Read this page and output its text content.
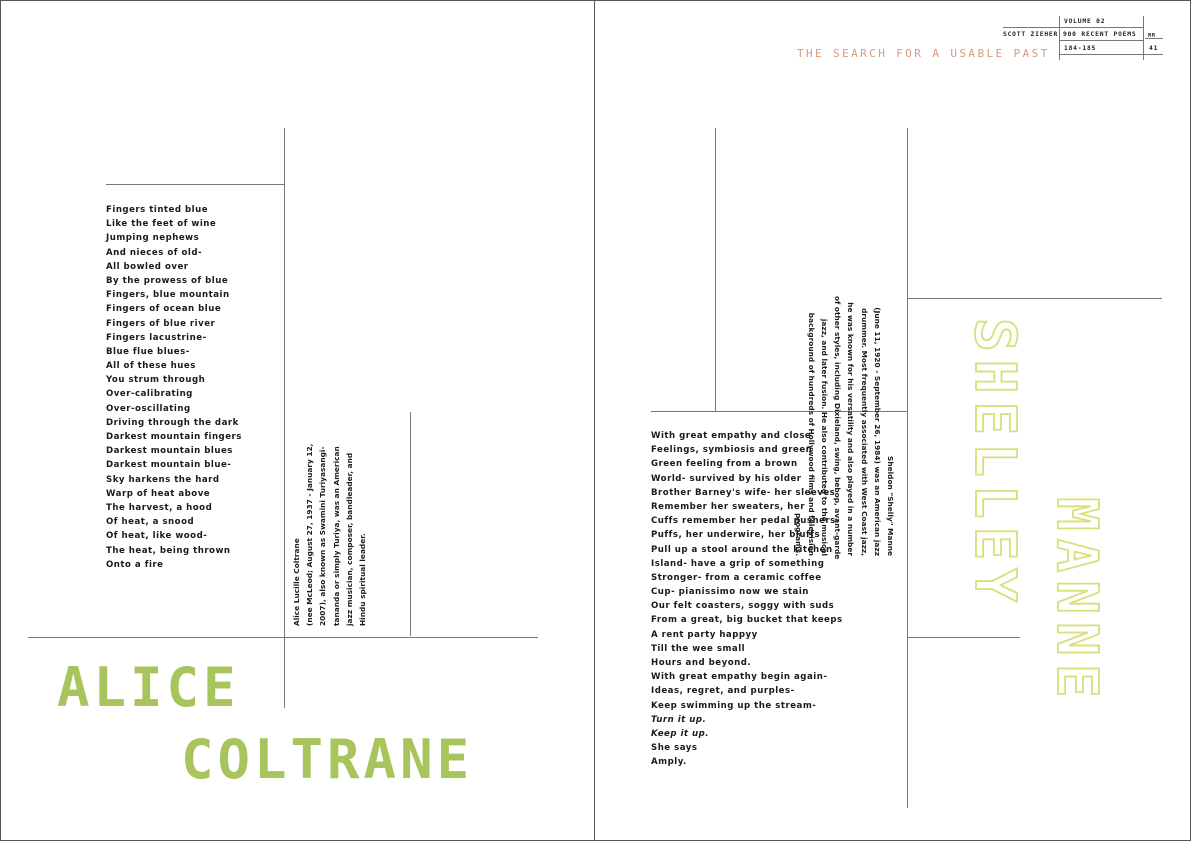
Fingers tinted blue
Like the feet of wine
Jumping nephews
And nieces of old-
All bowled over
By the prowess of blue
Fingers, blue mountain
Fingers of ocean blue
Fingers of blue river
Fingers lacustrine-
Blue flue blues-
All of these hues
You strum through
Over-calibrating
Over-oscillating
Driving through the dark
Darkest mountain fingers
Darkest mountain blues
Darkest mountain blue-
Sky harkens the hard
Warp of heat above
The harvest, a hood
Of heat, a snood
Of heat, like wood-
The heat, being thrown
Onto a fire	Alice Lucille Coltrane (nee McLeod; August 27, 1937 - January 12, 2007), also known as Swamini Turiyasangi- tananda or simply Turiya, was an American jazz musician, composer, bandleader, and Hindu spiritual leader.
ALICE
COLTRANE
VOLUME 02
SCOTT ZIEHER 900 RECENT POEMS
184-185
MM
41
THE SEARCH FOR A USABLE PAST
Sheldon "Shelly" Manne
(June 11, 1920 - September 26, 1984) was an American jazz
drummer. Most frequently associated with West Coast jazz,
he was known for his versatility and also played in a number
of other styles, including Dixieland, swing, bebop, avant-garde
jazz, and later fusion. He also contributed to the musical
background of hundreds of Hollywood films and television
programs.
With great empathy and close
Feelings, symbiosis and green
Green feeling from a brown
World- survived by his older
Brother Barney's wife- her sleeves
Remember her sweaters, her
Cuffs remember her pedal pushers-
Puffs, her underwire, her bluffs
Pull up a stool around the kitchen
Island- have a grip of something
Stronger- from a ceramic coffee
Cup- pianissimo now we stain
Our felt coasters, soggy with suds
From a great, big bucket that keeps
A rent party happyy
Till the wee small
Hours and beyond.
With great empathy begin again-
Ideas, regret, and purples-
Keep swimming up the stream-
Turn it up.
Keep it up.
She says
Amply.
SHELLEY MANNE
